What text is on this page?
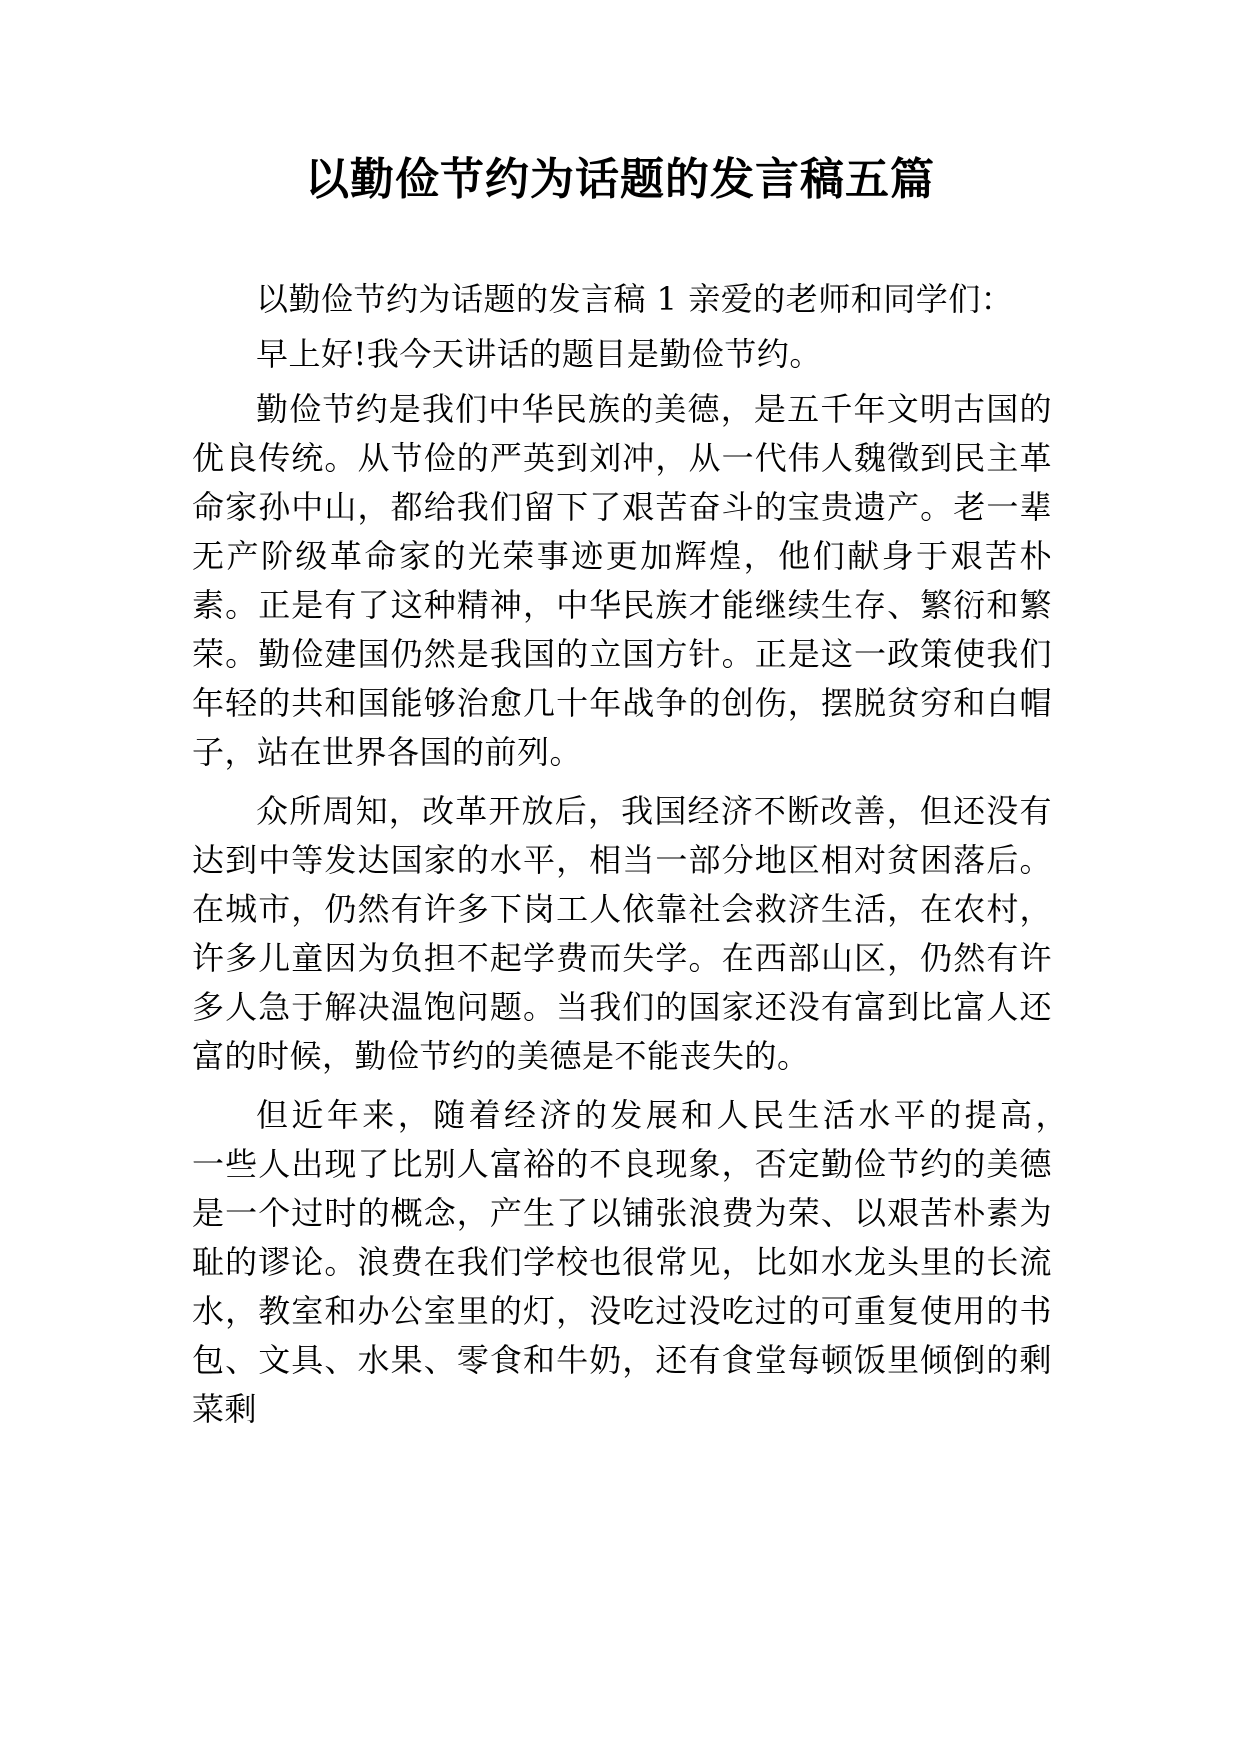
以勤俭节约为话题的发言稿五篇

以勤俭节约为话题的发言稿 1 亲爱的老师和同学们：

早上好!我今天讲话的题目是勤俭节约。

勤俭节约是我们中华民族的美德，是五千年文明古国的优良传统。从节俭的严英到刘冲，从一代伟人魏徵到民主革命家孙中山，都给我们留下了艰苦奋斗的宝贵遗产。老一辈无产阶级革命家的光荣事迹更加辉煌，他们献身于艰苦朴素。正是有了这种精神，中华民族才能继续生存、繁衍和繁荣。勤俭建国仍然是我国的立国方针。正是这一政策使我们年轻的共和国能够治愈几十年战争的创伤，摆脱贫穷和白帽子，站在世界各国的前列。

众所周知，改革开放后，我国经济不断改善，但还没有达到中等发达国家的水平，相当一部分地区相对贫困落后。在城市，仍然有许多下岗工人依靠社会救济生活，在农村，许多儿童因为负担不起学费而失学。在西部山区，仍然有许多人急于解决温饱问题。当我们的国家还没有富到比富人还富的时候，勤俭节约的美德是不能丧失的。

但近年来，随着经济的发展和人民生活水平的提高，　一些人出现了比别人富裕的不良现象，否定勤俭节约的美德是一个过时的概念，产生了以铺张浪费为荣、以艰苦朴素为耻的谬论。浪费在我们学校也很常见，比如水龙头里的长流水，教室和办公室里的灯，没吃过没吃过的可重复使用的书包、文具、水果、零食和牛奶，还有食堂每顿饭里倾倒的剩菜剩
